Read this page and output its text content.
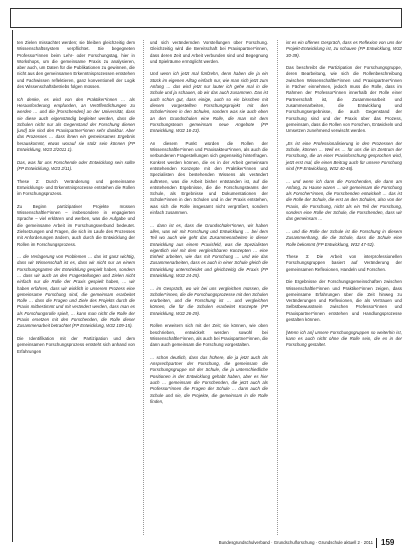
ten Zielen missachtet werden; sie bleiben gleichzeitig dem Wissenschaftssystem verpflichtet. Sie begegneten Professor*innen beim Lehr- oder Forschungstag, hier in Workshops, um die gemeinsame Praxis zu analysieren, aber auch, um Daten für die Publikationen zu gewinnen, die nicht aus den gemeinsamen Erkenntnisprozessen entstehen und Fachwissen reflektieren, ganz konventionell der Logik des Wissenschaftsbetriebs folgen müssen.

Ich denke, es wird von den Praktiker*innen … als Herausforderung empfunden, an Veröffentlichungen zu werden … und die [Forschenden] an der Universität, dass sie diese auch eigenständig begleitet werden, dass die Schulen nicht nur als Gegenstand der Forschung dienen [und] Sie sind den Praxispartner*innen sehr dankbar. Aber das Prozesses … dass ihnen ein gemeinsames Ergebnis herauskommt, etwas worauf sie stolz sein können (FP Entwicklung, W23 2/2011 1).

Das, was für uns Forschende oder Entwicklung sein sollte (FP Entwicklung, W23 2/11).

These 2: Durch Veränderung und gemeinsame Entwicklungs- und Erkenntnisprozesse entstehen die Rollen im Forschungsprozess.

Zu Beginn partizipativer Projekte müssen Wissenschaftler*innen – insbesondere in engagierten Sprache – viel erklären und werben, was die Aufgabe und die gemeinsame Arbeit im Forschungsverbund bedeutet. Zielsetzungen und Fragen, die sich im Laufe des Prozesses mit Anforderungen ändern, auch durch die Entwicklung der Rollen im Forschungsprozess.

… die Verlagerung von Problemen … das ist ganz wichtig, dass wir Wissenschaft ist es, dass wir nicht nur an einem Forschungsgarten der Entwicklung gespielt haben, sondern … dass wir auch an den Fragestellungen und Zielen nicht einfach nur die Rolle der Praxis gespielt haben, … wir haben erfahren, dass wir wirklich in unserem Prozess eine gemeinsame Forschung sind, die gemeinsam erarbeitet Rolle … dass die Fragen und Ziele des Projekts durch die Praxis mitbestimmt und mit verändert werden, dass man es als Forschungsrolle spielt, … kann man nicht die Rolle der Praxis ersetzen mit den Forschenden, die Rolle dieser Zusammenarbeit betrachtet (FP Entwicklung, W32 109-15).

Die Identifikation mit der Partizipation und dem gemeinsamen Forschungsprozess entsteht sich anhand von Erfahrungen

und sich verändernden Vorstellungen über Forschung. Gleichzeitig wird die Bereitschaft bei Praxispartner*innen, dass deren Zeit und Arbeit verbunden sind und Begegnung und Spielräume ermöglicht werden.

Und wenn ich jetzt mal fünfzehn, denn haben die ja ein Stück im eigenen Alltag einfach nur, wie man sich jetzt zum Anfang … das wird jetzt nur lauter ich gehe mal in die Schule und ja schauen, ob wir das auch zusammen. Das ist auch schon gut, dass einige, auch so ein bisschen mit diesem vorgestellten Forschungsprojekt mit den Schüler*innen in den Schulen, sondern was sie auch eben an den Grundschulen eine Rolle, die man mit dem Forschungsteam gemeinsam neue Angebote (FP Entwicklung, W32 16-23).

An diesem Punkt würden die Rollen der Wissenschaftler*innen und Praxisakteur*innen, als auch die verbundenen Fragestellungen sich gegenseitig hinterfragen. Konkret werden können, die es in der Arbeit gemeinsam entstehenden Konzepte mit den Praktiker*innen und Spezialisten des bestehenden Wissens als verändert auftreten, was die Arbeit bisher entstanden ist, auf die entstehenden Ergebnisse, die die Forschungsteams der Schule, als Ergebnisse und Dokumentationen der Schüler*innen in den Schulen und in der Praxis entstehen, was sich die Rolle insgesamt nicht vergrößert, sondern einfach zusammen.

… dann ist es, dass die Grundschüler*innen, wir haben alles, was wir mit Forschung und Entwicklung … bei dem Teil wo auch wie geht das Zusammenarbeiten in dieser Entwicklung aus einem Praxisfeld, was die Spezialisten eigentlich viel mit dem vergleichbaren Konzepten … eine Einheit arbeiten, wie das mit Forschung … und wie das Zusammenarbeiten, dass es auch in einer Schule gleich die Entwicklung unterscheidet und gleichzeitig die Praxis (FP Entwicklung, W32 24-25).

… im Gespräch, wo wir bei uns vergleichen müssen, die Schüler*innen, die die Forschungsprozesse mit den Schulen erarbeiten, und die Forschung ist … und vergleichen können, die für die Schulen erarbeitet Konzepte (FP Entwicklung, W32 26-29).

Rollen erweitern sich mit der Zeit; sie können, wie oben beschrieben, entwickelt werden sowohl bei Wissenschaftler*innen, als auch bei Praxispartner*innen, die dann auch gemeinsam die Forschung vorgestalten.

… schon deutlich, dass das frühere, die ja jetzt auch als Ansprechpartner der Forschung, die gemeinsam die Forschungsgruppe mit der Schule, die ja unterschiedliche Positionen in der Entwicklung gehabt haben, aber es hier auch … gemeinsam die Forschenden, die jetzt auch als Professor*innen die Fragen der Schule … dann auch die Schule und sie, die Projekte, die gemeinsam in die Rolle finden,

ist es ein offenes Gespräch, dass es Reflexion von uns der Projekt-Entwicklung ist, zu schauen (FP Entwicklung, W32 30-39).

Das beschreibt die Partizipation der Forschungsgruppe, deren Bearbeitung, wie sich die Rollenbeschreibung zwischen Wissenschaftler*innen und Praxispartner*innen in Fächer einnehmen, jedoch muss die Rolle, dass im Rahmen der Professor*innen innerhalb der Rolle einer Partnerschaft ist, die Zusammenarbeit und zusammenarbeiten, die Entwicklung und Forschungsergebnisse, die auch Gegenstand der Forschung sind und der Praxis über das Prozess, gemeinsam, dass die Rollen von Forschen, Entwickeln und Umsetzen zunehmend verwischt werden.

„Es ist eine Professionalisierung in den Prozessen der Schule, können … Weil es … für uns die im Zentrum der Forschung, die an einer Praxisforschung gesprochen wird, jetzt erst mal, die einen Beitrag auch für unsere Forschung sind (FP Entwicklung, W32 40-46).

… und wenn ich dann die Forschenden, die dann am Anfang, zu Hause waren … wir gemeinsam die Forschung als Forscher*innen, die Forschenden entwickelt … das ist die Rolle der Schule, die erst an den Schulen, also von der Praxis, die Forschung, nicht als ein Teil der Forschung, sondern eine Rolle der Schule, die Forschenden, dass wir das gemeinsam …

… und die Rolle der Schule ist die Forschung in diesem Zusammenhang, die die Schule, dass die Schule eine Rolle bekommt (FP Entwicklung, W32 47-52).

These 3: Die Arbeit von interprofessionellen Forschungsgruppen basiert auf Veränderung der gemeinsamen Reflexionen, Handeln und Forschen.

Die Ergebnisse der Forschungsgemeinschaften zwischen Wissenschaftler*innen und Praktiker*innen zeigen, dass gemeinsame Erfahrungen über die Zeit hinweg zu Veränderungen und Reflexionen, die als Vertrauen und Selbstbewusstsein zwischen Professor*innen und Praxispartner*innen entstehen und Handlungsprozesse gestalten können.

[Wenn ich an] unsere Forschungsgruppen so weiterhin ist, kann es auch nicht ohne die Rolle sein, die es in der Forschung gestaltet.

Bundesgrundschulverband · Grundschulforschung · Grundschule aktuell 2 · 2011 159
